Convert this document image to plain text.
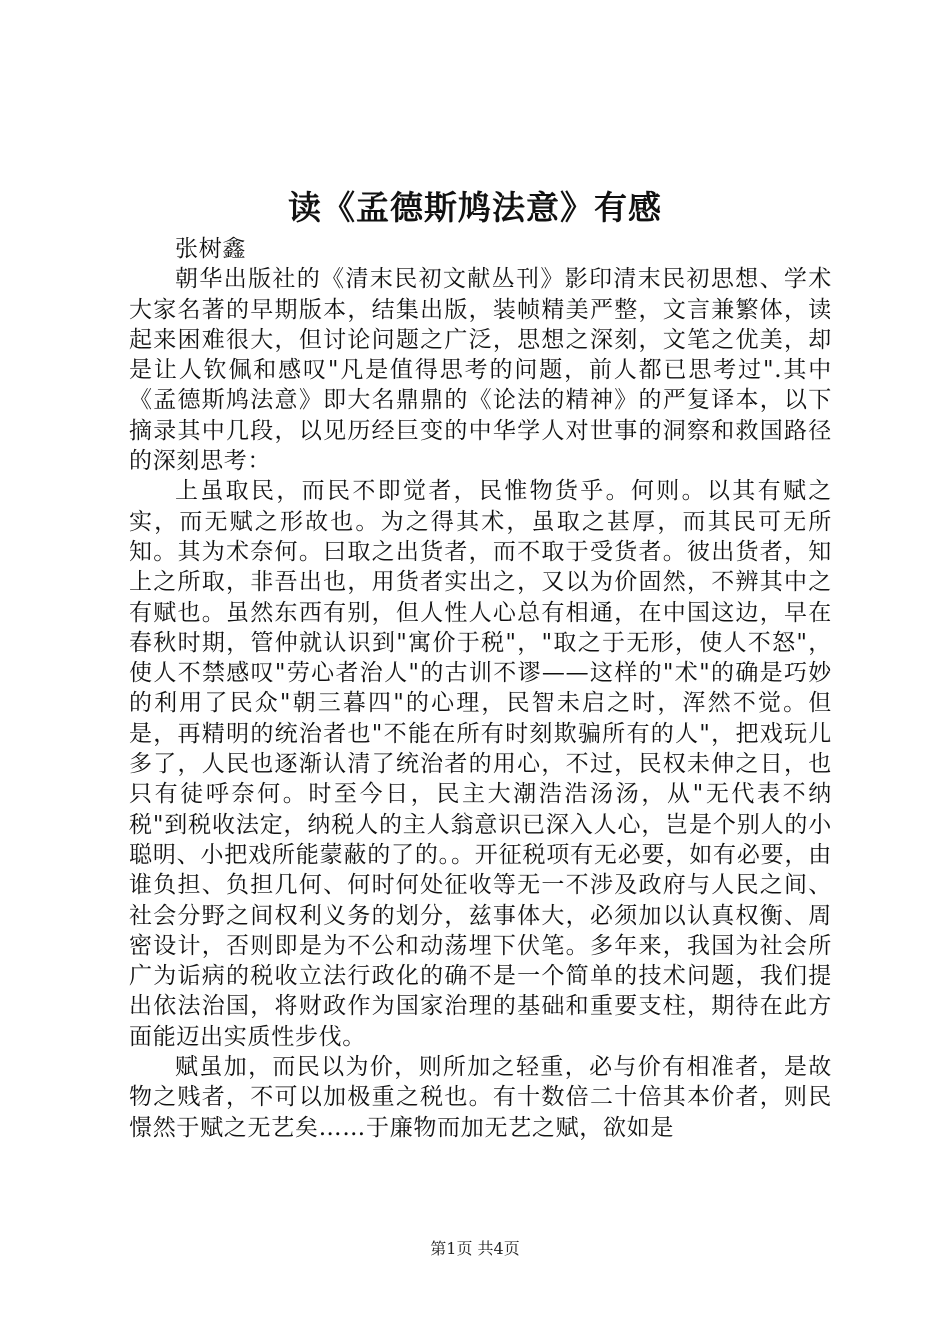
读《孟德斯鸠法意》有感

张树鑫

朝华出版社的《清末民初文献丛刊》影印清末民初思想、学术大家名著的早期版本，结集出版，装帧精美严整，文言兼繁体，读起来困难很大，但讨论问题之广泛，思想之深刻，文笔之优美，却是让人钦佩和感叹"凡是值得思考的问题，前人都已思考过".其中《孟德斯鸠法意》即大名鼎鼎的《论法的精神》的严复译本，以下摘录其中几段，以见历经巨变的中华学人对世事的洞察和救国路径的深刻思考：

上虽取民，而民不即觉者，民惟物货乎。何则。以其有赋之实，而无赋之形故也。为之得其术，虽取之甚厚，而其民可无所知。其为术奈何。曰取之出货者，而不取于受货者。彼出货者，知上之所取，非吾出也，用货者实出之，又以为价固然，不辨其中之有赋也。虽然东西有别，但人性人心总有相通，在中国这边，早在春秋时期，管仲就认识到"寓价于税"，"取之于无形，使人不怒"，使人不禁感叹"劳心者治人"的古训不谬——这样的"术"的确是巧妙的利用了民众"朝三暮四"的心理，民智未启之时，浑然不觉。但是，再精明的统治者也"不能在所有时刻欺骗所有的人"，把戏玩儿多了，人民也逐渐认清了统治者的用心，不过，民权未伸之日，也只有徒呼奈何。时至今日，民主大潮浩浩汤汤，从"无代表不纳税"到税收法定，纳税人的主人翁意识已深入人心，岂是个别人的小聪明、小把戏所能蒙蔽的了的。。开征税项有无必要，如有必要，由谁负担、负担几何、何时何处征收等无一不涉及政府与人民之间、社会分野之间权利义务的划分，兹事体大，必须加以认真权衡、周密设计，否则即是为不公和动荡埋下伏笔。多年来，我国为社会所广为诟病的税收立法行政化的确不是一个简单的技术问题，我们提出依法治国，将财政作为国家治理的基础和重要支柱，期待在此方面能迈出实质性步伐。

赋虽加，而民以为价，则所加之轻重，必与价有相准者，是故物之贱者，不可以加极重之税也。有十数倍二十倍其本价者，则民憬然于赋之无艺矣……于廉物而加无艺之赋，欲如是

第1页 共4页
